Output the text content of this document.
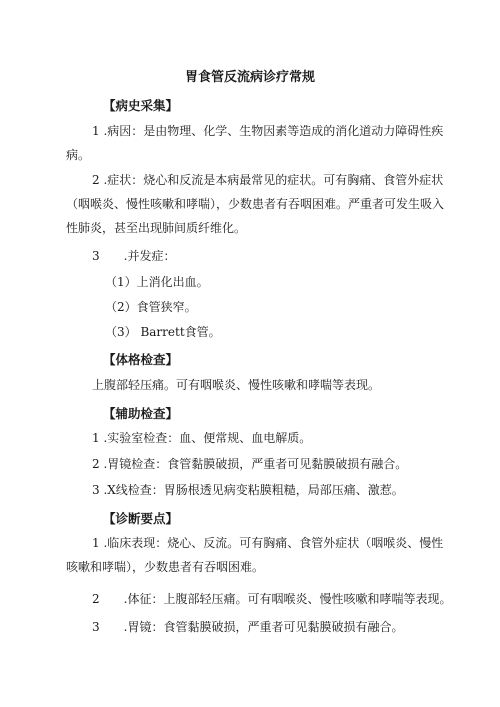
胃食管反流病诊疗常规
【病史采集】
1 .病因：是由物理、化学、生物因素等造成的消化道动力障碍性疾
病。
2 .症状：烧心和反流是本病最常见的症状。可有胸痛、食管外症状
（咽喉炎、慢性咳嗽和哮喘），少数患者有吞咽困难。严重者可发生吸入
性肺炎，甚至出现肺间质纤维化。
3 .并发症：
（1）上消化出血。
（2）食管狭窄。
（3） Barrett食管。
【体格检查】
上腹部轻压痛。可有咽喉炎、慢性咳嗽和哮喘等表现。
【辅助检查】
1 .实验室检查：血、便常规、血电解质。
2 .胃镜检查：食管黏膜破损，严重者可见黏膜破损有融合。
3 .X线检查：胃肠根透见病变粘膜粗糙，局部压痛、激惹。
【诊断要点】
1 .临床表现：烧心、反流。可有胸痛、食管外症状（咽喉炎、慢性
咳嗽和哮喘），少数患者有吞咽困难。
2 .体征：上腹部轻压痛。可有咽喉炎、慢性咳嗽和哮喘等表现。
3 .胃镜：食管黏膜破损，严重者可见黏膜破损有融合。
